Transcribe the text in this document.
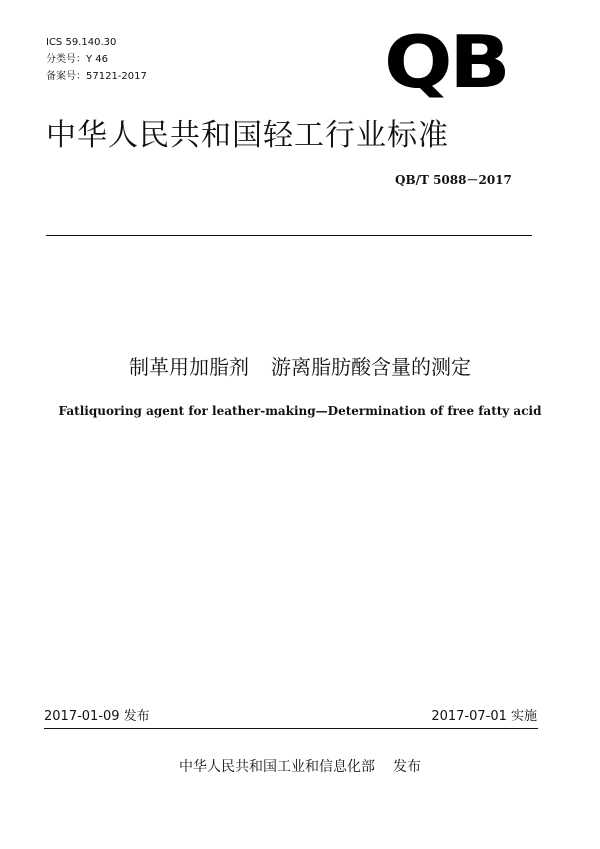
ICS 59.140.30
分类号：Y 46
备案号：57121-2017	QB
中华人民共和国轻工行业标准
QB/T 5088－2017
制革用加脂剂 游离脂肪酸含量的测定
Fatliquoring agent for leather-making—Determination of free fatty acid
2017-01-09 发布	2017-07-01 实施
中华人民共和国工业和信息化部 发布
